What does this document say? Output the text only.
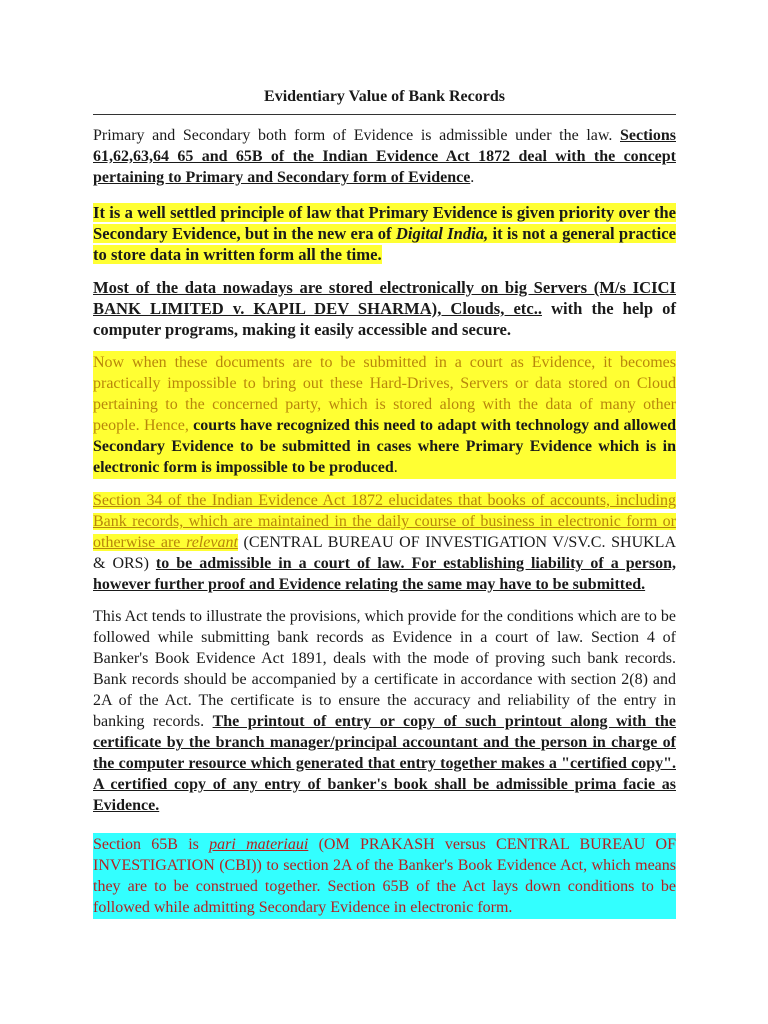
Evidentiary Value of Bank Records

Primary and Secondary both form of Evidence is admissible under the law. Sections 61,62,63,64 65 and 65B of the Indian Evidence Act 1872 deal with the concept pertaining to Primary and Secondary form of Evidence.

It is a well settled principle of law that Primary Evidence is given priority over the Secondary Evidence, but in the new era of Digital India, it is not a general practice to store data in written form all the time.

Most of the data nowadays are stored electronically on big Servers (M/s ICICI BANK LIMITED v. KAPIL DEV SHARMA), Clouds, etc.. with the help of computer programs, making it easily accessible and secure.

Now when these documents are to be submitted in a court as Evidence, it becomes practically impossible to bring out these Hard-Drives, Servers or data stored on Cloud pertaining to the concerned party, which is stored along with the data of many other people. Hence, courts have recognized this need to adapt with technology and allowed Secondary Evidence to be submitted in cases where Primary Evidence which is in electronic form is impossible to be produced.

Section 34 of the Indian Evidence Act 1872 elucidates that books of accounts, including Bank records, which are maintained in the daily course of business in electronic form or otherwise are relevant (CENTRAL BUREAU OF INVESTIGATION V/SV.C. SHUKLA & ORS) to be admissible in a court of law. For establishing liability of a person, however further proof and Evidence relating the same may have to be submitted.

This Act tends to illustrate the provisions, which provide for the conditions which are to be followed while submitting bank records as Evidence in a court of law. Section 4 of Banker's Book Evidence Act 1891, deals with the mode of proving such bank records. Bank records should be accompanied by a certificate in accordance with section 2(8) and 2A of the Act. The certificate is to ensure the accuracy and reliability of the entry in banking records. The printout of entry or copy of such printout along with the certificate by the branch manager/principal accountant and the person in charge of the computer resource which generated that entry together makes a "certified copy". A certified copy of any entry of banker's book shall be admissible prima facie as Evidence.

Section 65B is pari materiaui (OM PRAKASH versus CENTRAL BUREAU OF INVESTIGATION (CBI)) to section 2A of the Banker's Book Evidence Act, which means they are to be construed together. Section 65B of the Act lays down conditions to be followed while admitting Secondary Evidence in electronic form.
